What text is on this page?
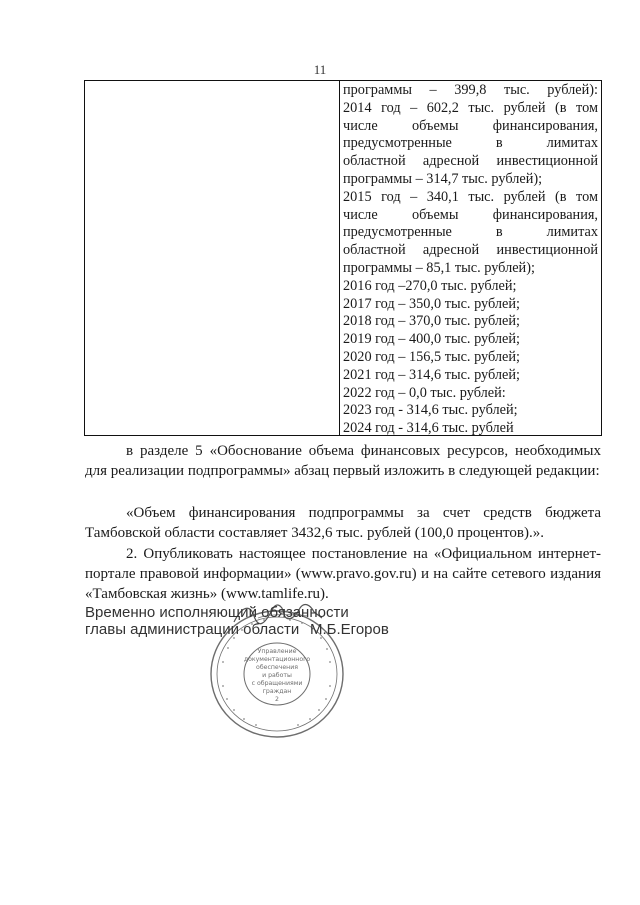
11
программы – 399,8 тыс. рублей):
2014 год – 602,2 тыс. рублей (в том
числе объемы финансирования,
предусмотренные в лимитах
областной адресной инвестиционной
программы – 314,7 тыс. рублей);
2015 год – 340,1 тыс. рублей (в том
числе объемы финансирования,
предусмотренные в лимитах
областной адресной инвестиционной
программы – 85,1 тыс. рублей);
2016 год –270,0 тыс. рублей;
2017 год – 350,0 тыс. рублей;
2018 год – 370,0 тыс. рублей;
2019 год – 400,0 тыс. рублей;
2020 год – 156,5 тыс. рублей;
2021 год – 314,6 тыс. рублей;
2022 год – 0,0 тыс. рублей:
2023 год - 314,6 тыс. рублей;
2024 год - 314,6 тыс. рублей
в разделе 5 «Обоснование объема финансовых ресурсов, необходимых для реализации подпрограммы» абзац первый изложить в следующей редакции:
«Объем финансирования подпрограммы за счет средств бюджета Тамбовской области составляет 3432,6 тыс. рублей (100,0 процентов).».
2. Опубликовать настоящее постановление на «Официальном интернет-портале правовой информации» (www.pravo.gov.ru) и на сайте сетевого издания «Тамбовская жизнь» (www.tamlife.ru).
Управление
документационного
обеспечения
и работы
с обращениями
граждан
2
Временно исполняющий обязанности
главы администрации области М.Б.Егоров
